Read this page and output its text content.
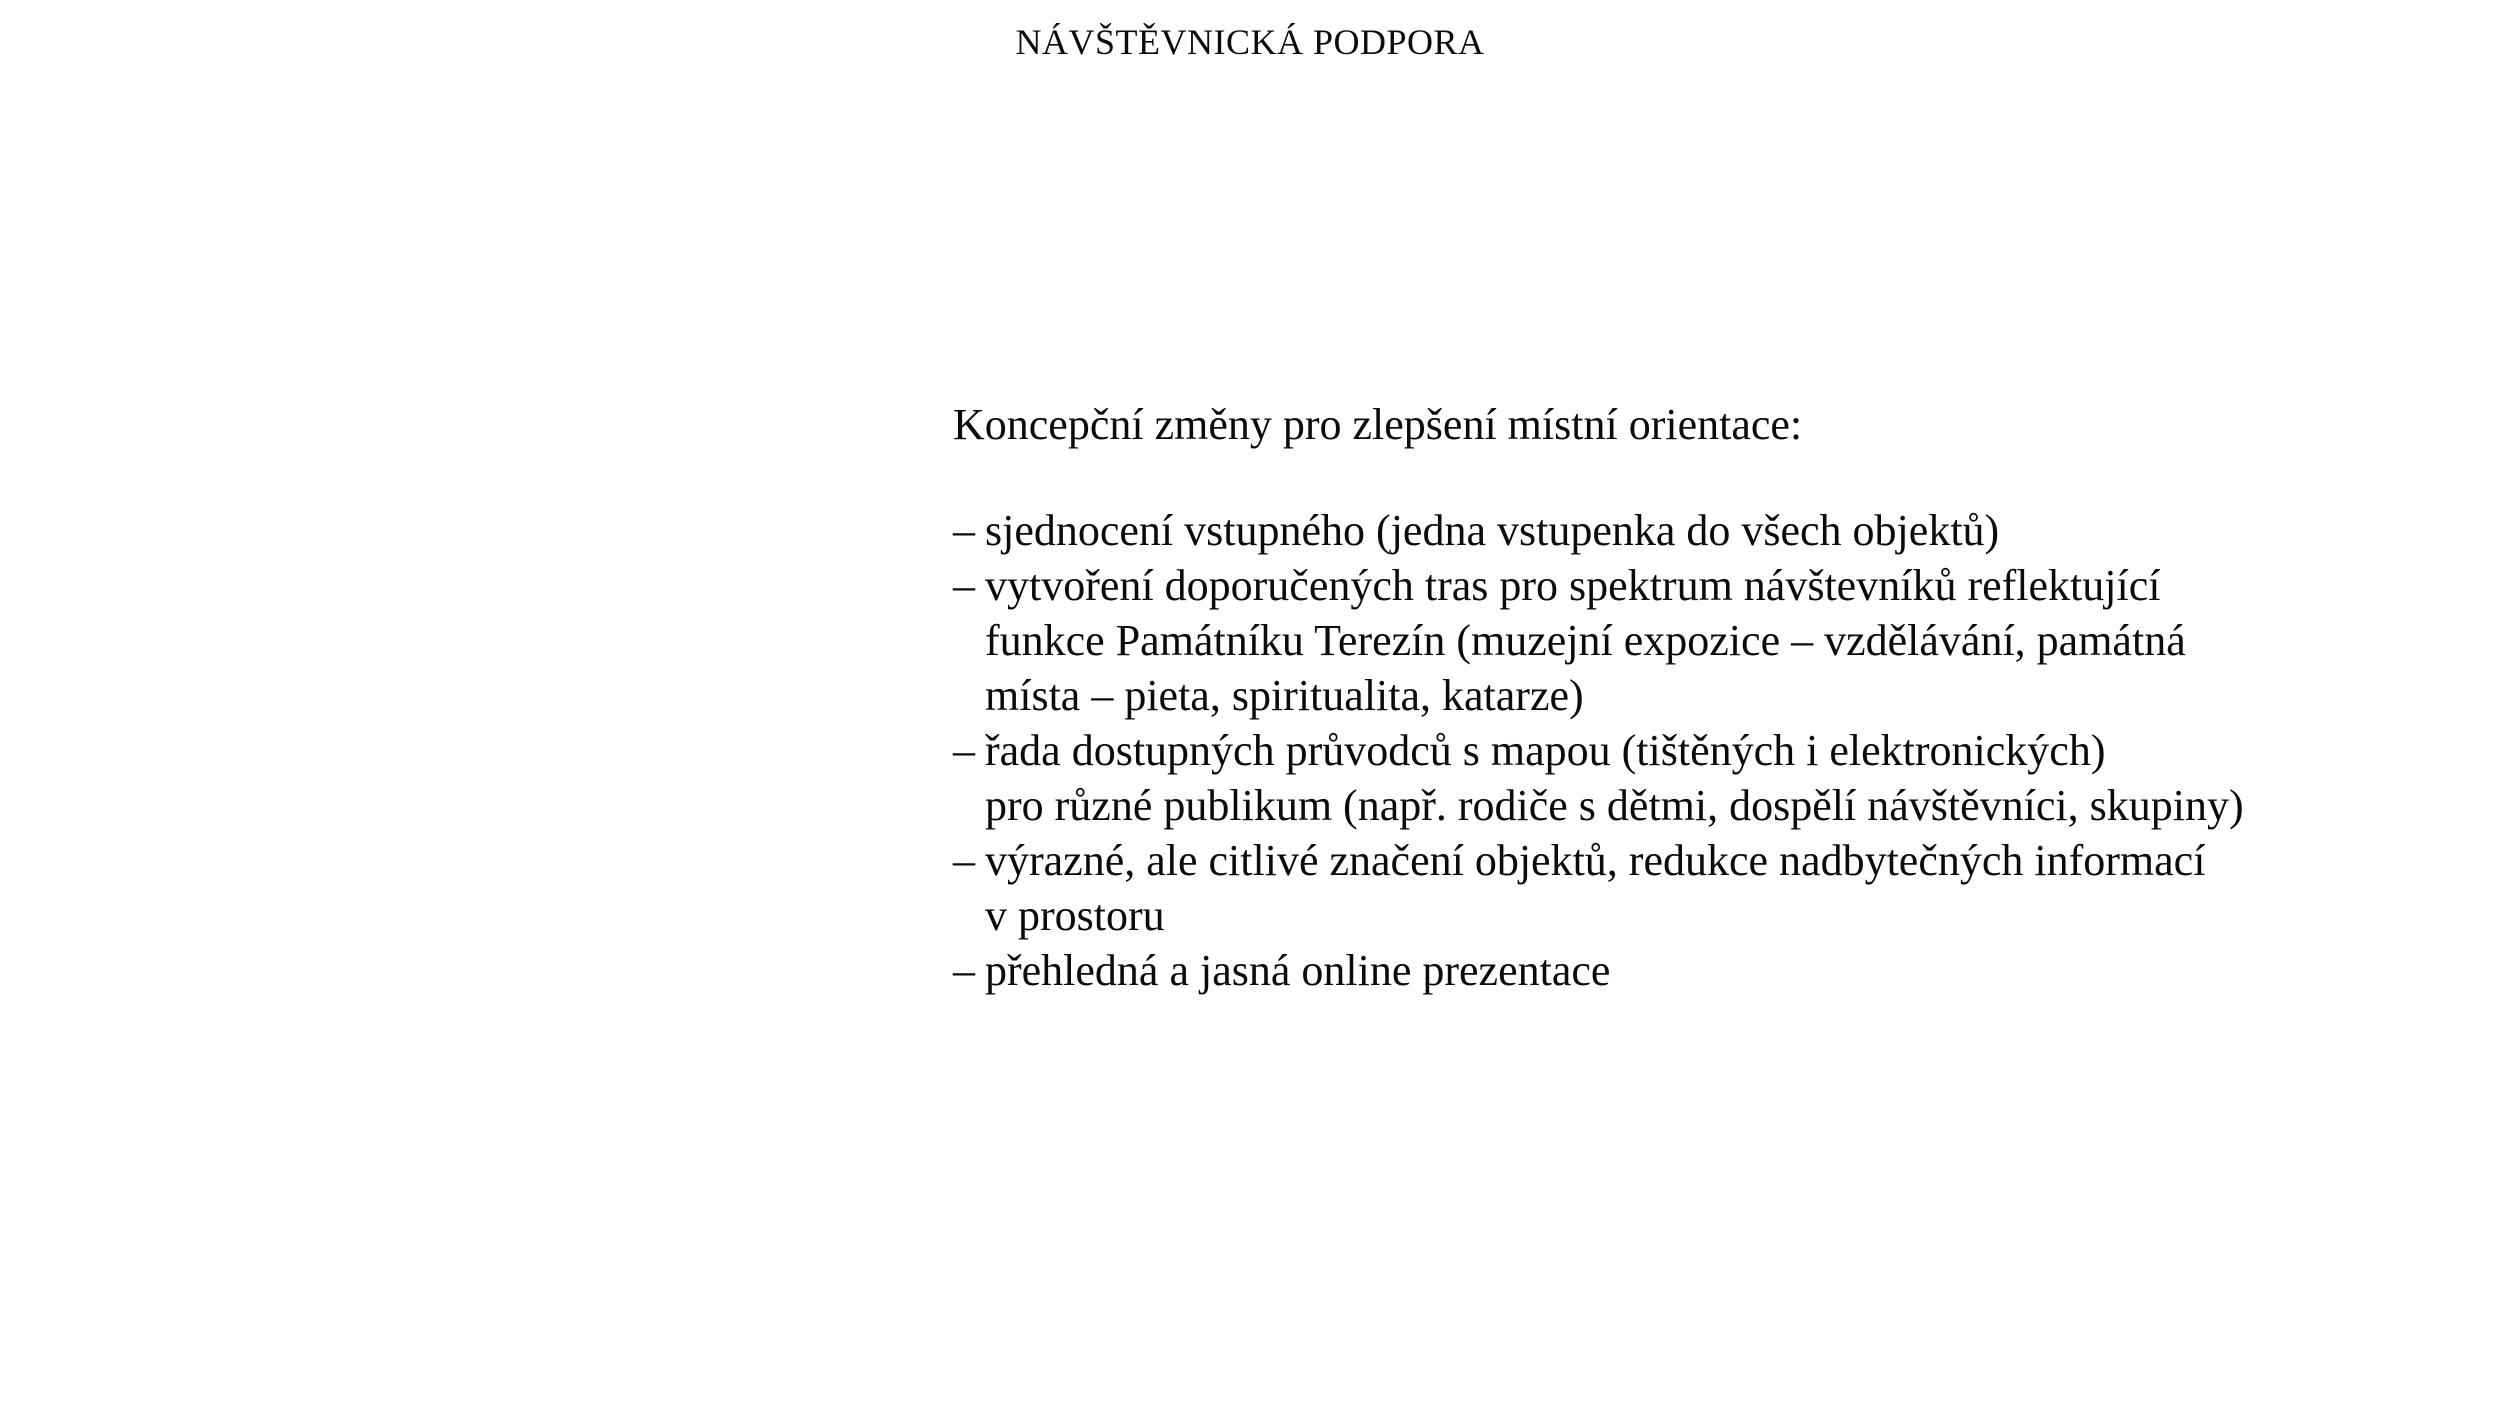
NÁVŠTĚVNICKÁ PODPORA
Koncepční změny pro zlepšení místní orientace:
– sjednocení vstupného (jedna vstupenka do všech objektů)
– vytvoření doporučených tras pro spektrum návštevníků reflektující
funkce Památníku Terezín (muzejní expozice – vzdělávání, památná
místa – pieta, spiritualita, katarze)
– řada dostupných průvodců s mapou (tištěných i elektronických)
pro různé publikum (např. rodiče s dětmi, dospělí návštěvníci, skupiny)
– výrazné, ale citlivé značení objektů, redukce nadbytečných informací
v prostoru
– přehledná a jasná online prezentace
